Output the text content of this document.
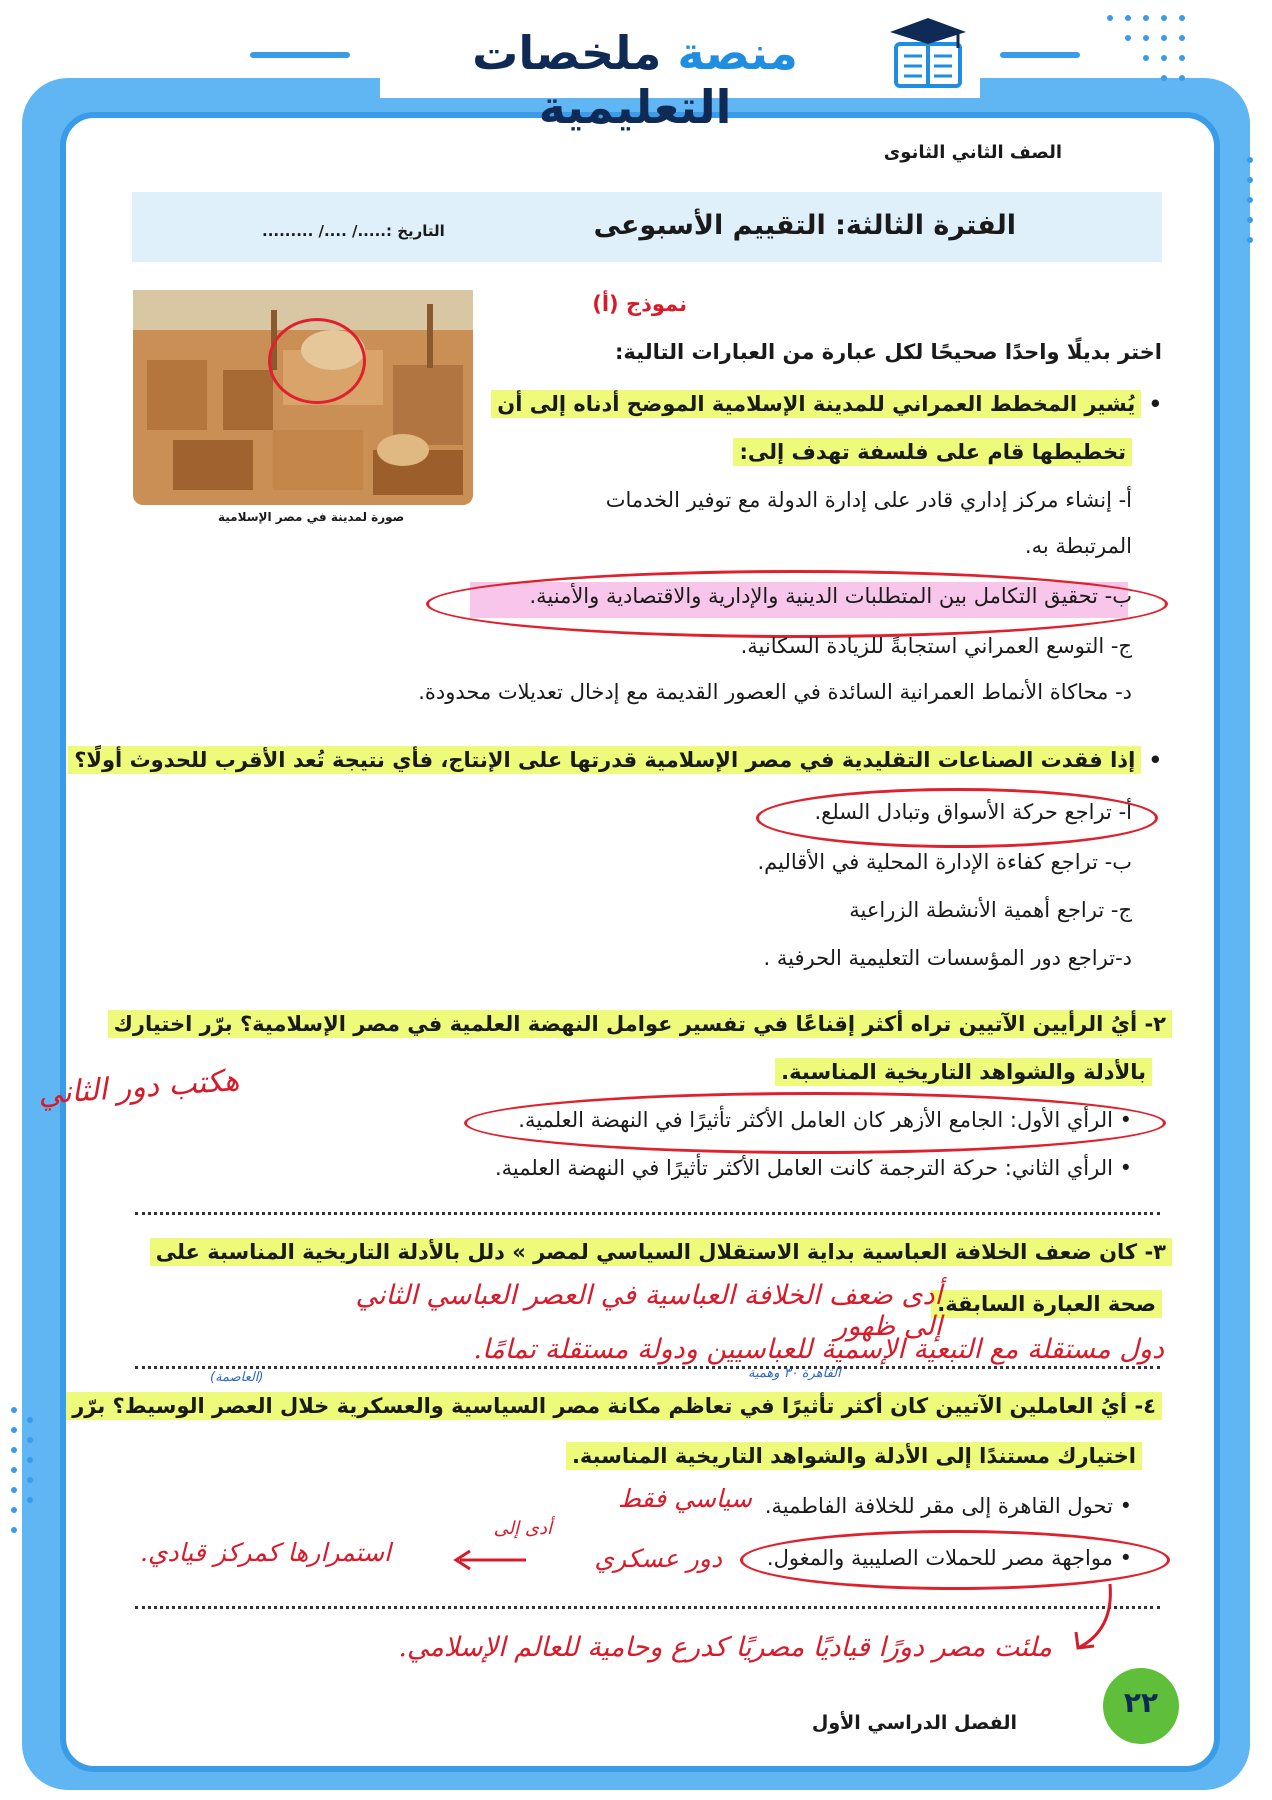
منصة ملخصات التعليمية
الصف الثاني الثانوى
الفترة الثالثة: التقييم الأسبوعى
التاريخ :...../ ..../ .........
صورة لمدينة في مصر الإسلامية
نموذج (أ)
اختر بديلًا واحدًا صحيحًا لكل عبارة من العبارات التالية:
• يُشير المخطط العمراني للمدينة الإسلامية الموضح أدناه إلى أن
تخطيطها قام على فلسفة تهدف إلى:
أ- إنشاء مركز إداري قادر على إدارة الدولة مع توفير الخدمات
المرتبطة به.
ب- تحقيق التكامل بين المتطلبات الدينية والإدارية والاقتصادية والأمنية.
ج- التوسع العمراني استجابةً للزيادة السكانية.
د- محاكاة الأنماط العمرانية السائدة في العصور القديمة مع إدخال تعديلات محدودة.
• إذا فقدت الصناعات التقليدية في مصر الإسلامية قدرتها على الإنتاج، فأي نتيجة تُعد الأقرب للحدوث أولًا؟
أ- تراجع حركة الأسواق وتبادل السلع.
ب- تراجع كفاءة الإدارة المحلية في الأقاليم.
ج- تراجع أهمية الأنشطة الزراعية
د-تراجع دور المؤسسات التعليمية الحرفية .
٢- أيُ الرأيين الآتيين تراه أكثر إقناعًا في تفسير عوامل النهضة العلمية في مصر الإسلامية؟ برّر اختيارك
بالأدلة والشواهد التاريخية المناسبة.
هكتب دور الثاني
• الرأي الأول: الجامع الأزهر كان العامل الأكثر تأثيرًا في النهضة العلمية.
• الرأي الثاني: حركة الترجمة كانت العامل الأكثر تأثيرًا في النهضة العلمية.
٣- كان ضعف الخلافة العباسية بداية الاستقلال السياسي لمصر » دلل بالأدلة التاريخية المناسبة على
صحة العبارة السابقة.
أدى ضعف الخلافة العباسية في العصر العباسي الثاني إلى ظهور
دول مستقلة مع التبعية الإسمية للعباسيين ودولة مستقلة تمامًا.
(العاصمة)	القاهرة ٣٠ وهمية
٤- أيُ العاملين الآتيين كان أكثر تأثيرًا في تعاظم مكانة مصر السياسية والعسكرية خلال العصر الوسيط؟ برّر
اختيارك مستندًا إلى الأدلة والشواهد التاريخية المناسبة.
• تحول القاهرة إلى مقر للخلافة الفاطمية.
سياسي فقط
• مواجهة مصر للحملات الصليبية والمغول.
دور عسكري
أدى إلى
استمرارها كمركز قيادي.
ملئت مصر دورًا قياديًا مصريًا كدرع وحامية للعالم الإسلامي.
٢٢
الفصل الدراسي الأول
